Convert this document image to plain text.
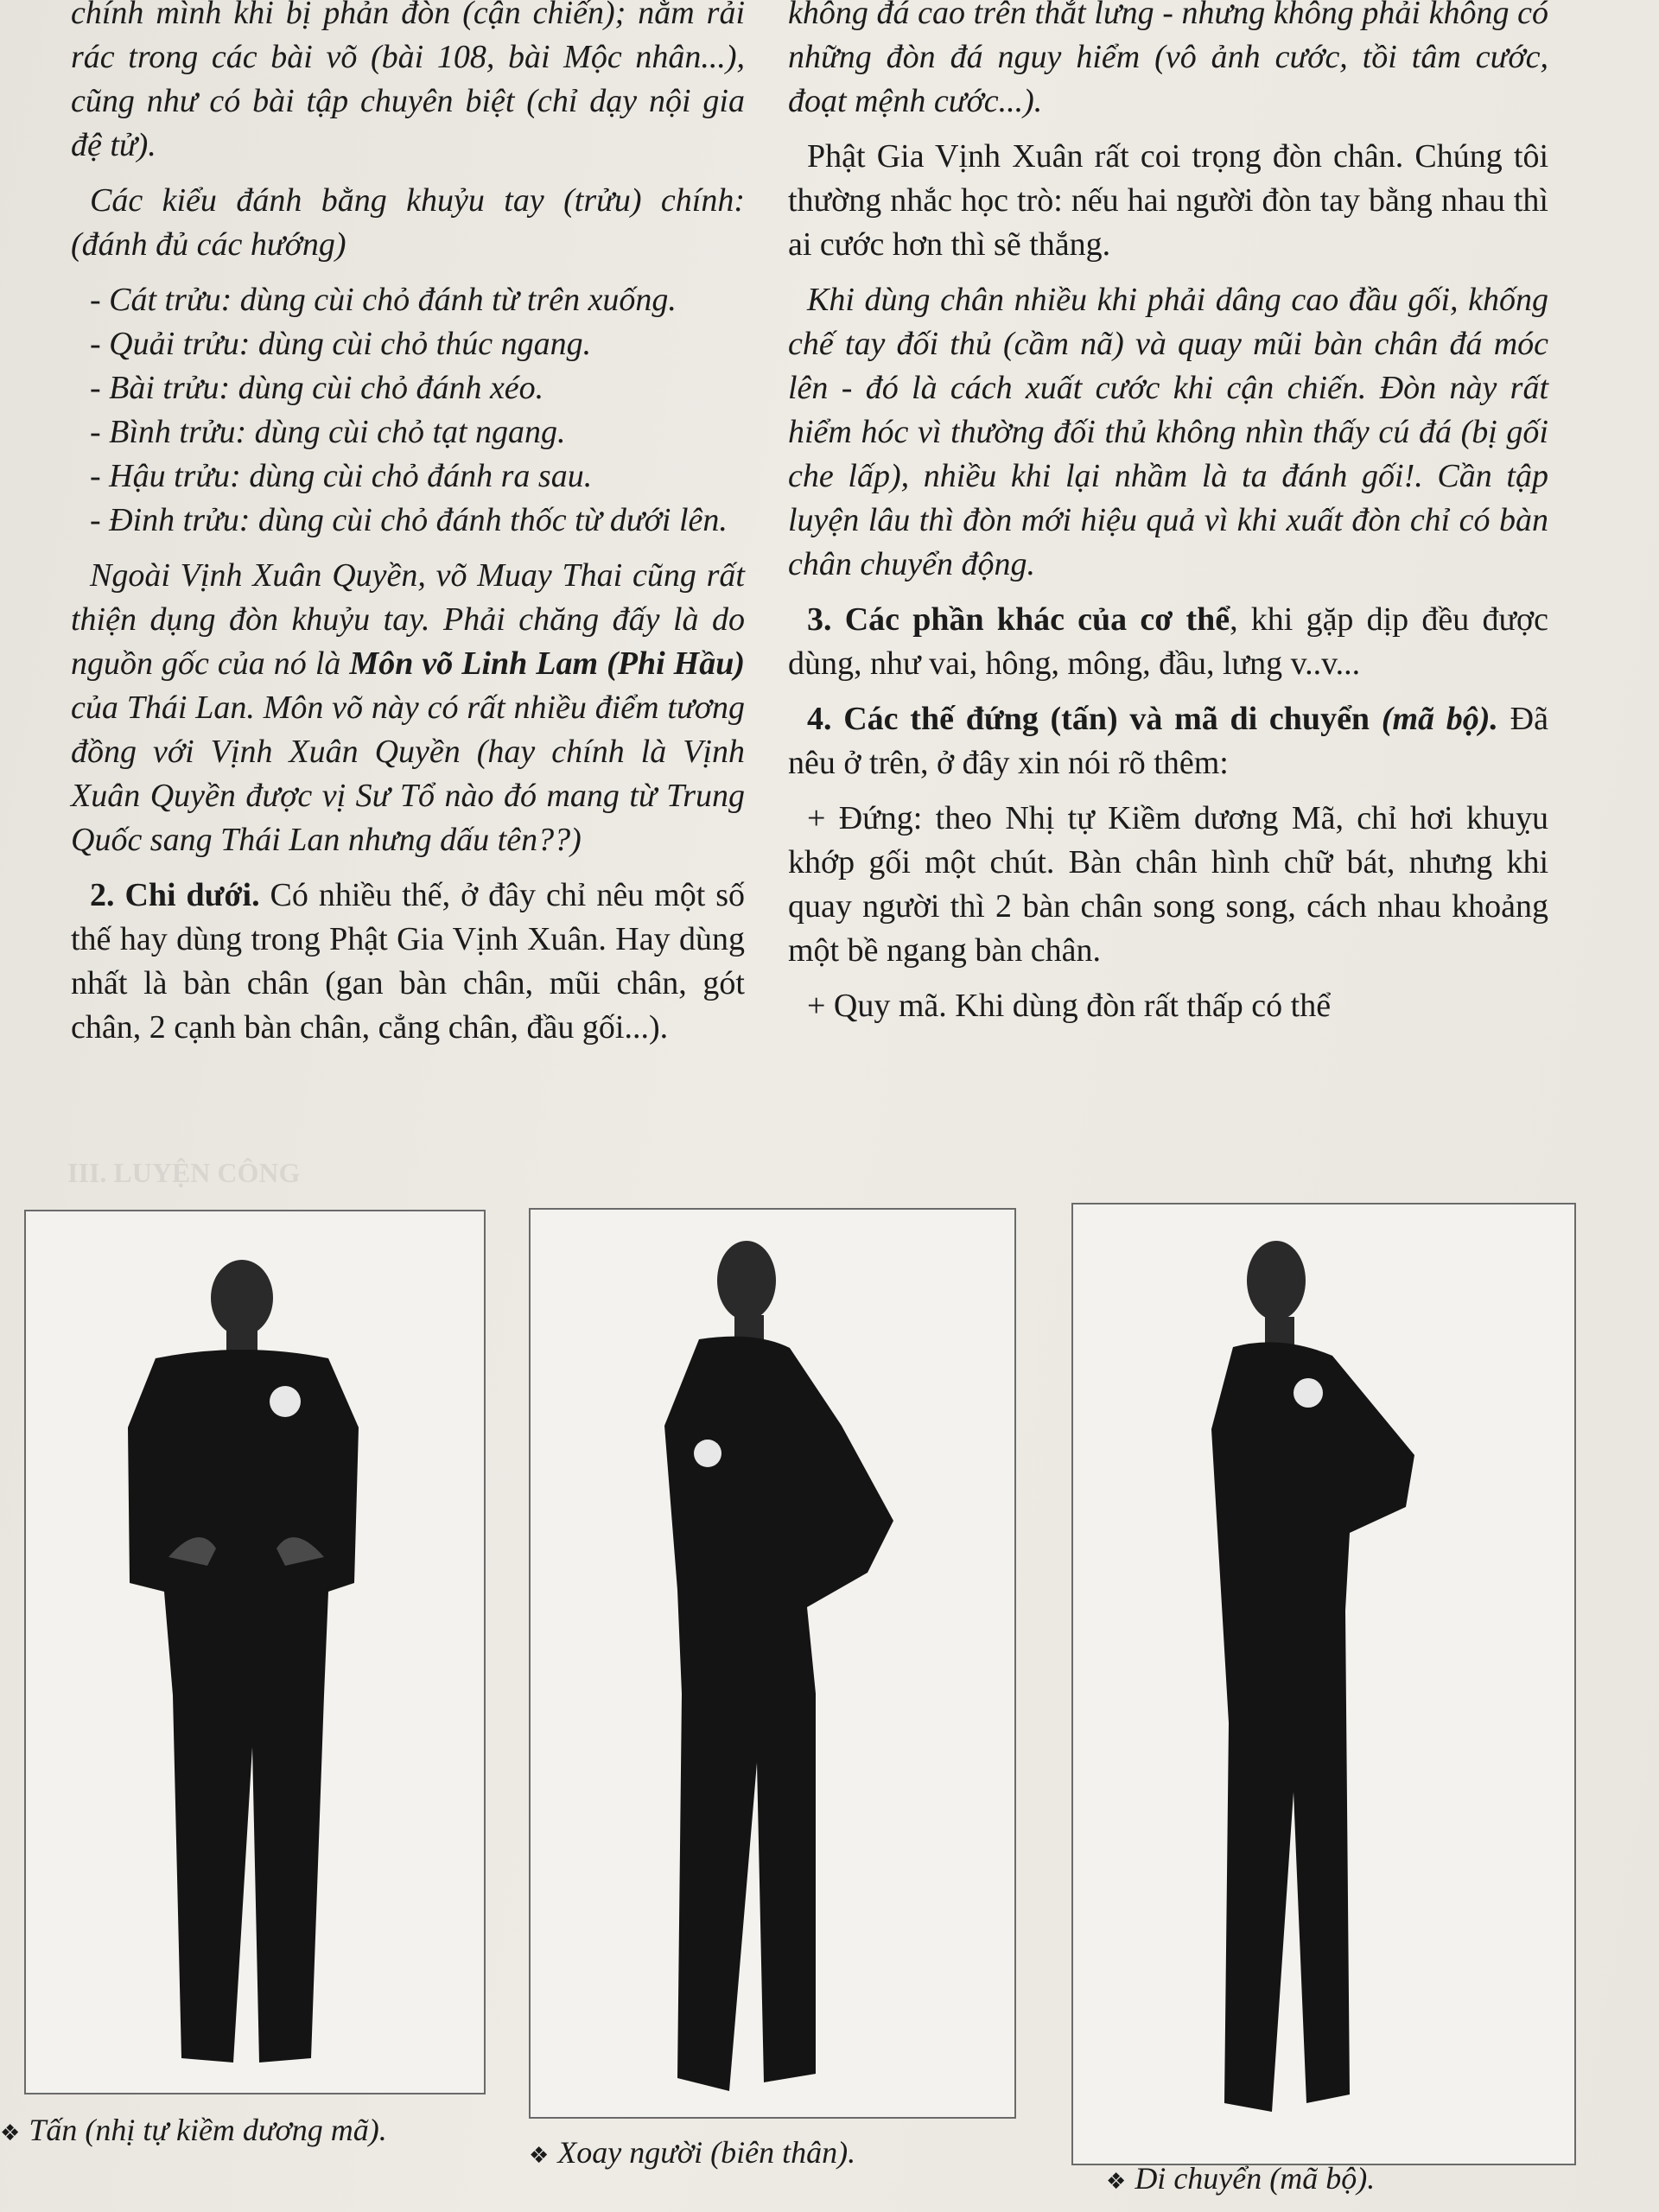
III. LUYỆN CÔNG

chính mình khi bị phản đòn (cận chiến); nằm rải rác trong các bài võ (bài 108, bài Mộc nhân...), cũng như có bài tập chuyên biệt (chỉ dạy nội gia đệ tử).

Các kiểu đánh bằng khuỷu tay (trửu) chính: (đánh đủ các hướng)

- Cát trửu: dùng cùi chỏ đánh từ trên xuống.
- Quải trửu: dùng cùi chỏ thúc ngang.
- Bài trửu: dùng cùi chỏ đánh xéo.
- Bình trửu: dùng cùi chỏ tạt ngang.
- Hậu trửu: dùng cùi chỏ đánh ra sau.
- Đinh trửu: dùng cùi chỏ đánh thốc từ dưới lên.

Ngoài Vịnh Xuân Quyền, võ Muay Thai cũng rất thiện dụng đòn khuỷu tay. Phải chăng đấy là do nguồn gốc của nó là Môn võ Linh Lam (Phi Hầu) của Thái Lan. Môn võ này có rất nhiều điểm tương đồng với Vịnh Xuân Quyền (hay chính là Vịnh Xuân Quyền được vị Sư Tổ nào đó mang từ Trung Quốc sang Thái Lan nhưng dấu tên??)

2. Chi dưới. Có nhiều thế, ở đây chỉ nêu một số thế hay dùng trong Phật Gia Vịnh Xuân. Hay dùng nhất là bàn chân (gan bàn chân, mũi chân, gót chân, 2 cạnh bàn chân, cẳng chân, đầu gối...).

không đá cao trên thắt lưng - nhưng không phải không có những đòn đá nguy hiểm (vô ảnh cước, tồi tâm cước, đoạt mệnh cước...).

Phật Gia Vịnh Xuân rất coi trọng đòn chân. Chúng tôi thường nhắc học trò: nếu hai người đòn tay bằng nhau thì ai cước hơn thì sẽ thắng.

Khi dùng chân nhiều khi phải dâng cao đầu gối, khống chế tay đối thủ (cầm nã) và quay mũi bàn chân đá móc lên - đó là cách xuất cước khi cận chiến. Đòn này rất hiểm hóc vì thường đối thủ không nhìn thấy cú đá (bị gối che lấp), nhiều khi lại nhầm là ta đánh gối!. Cần tập luyện lâu thì đòn mới hiệu quả vì khi xuất đòn chỉ có bàn chân chuyển động.

3. Các phần khác của cơ thể, khi gặp dịp đều được dùng, như vai, hông, mông, đầu, lưng v..v...

4. Các thế đứng (tấn) và mã di chuyển (mã bộ). Đã nêu ở trên, ở đây xin nói rõ thêm:

+ Đứng: theo Nhị tự Kiềm dương Mã, chỉ hơi khuỵu khớp gối một chút. Bàn chân hình chữ bát, nhưng khi quay người thì 2 bàn chân song song, cách nhau khoảng một bề ngang bàn chân.

+ Quy mã. Khi dùng đòn rất thấp có thể

❖ Tấn (nhị tự kiềm dương mã).
❖ Xoay người (biên thân).
❖ Di chuyển (mã bộ).
